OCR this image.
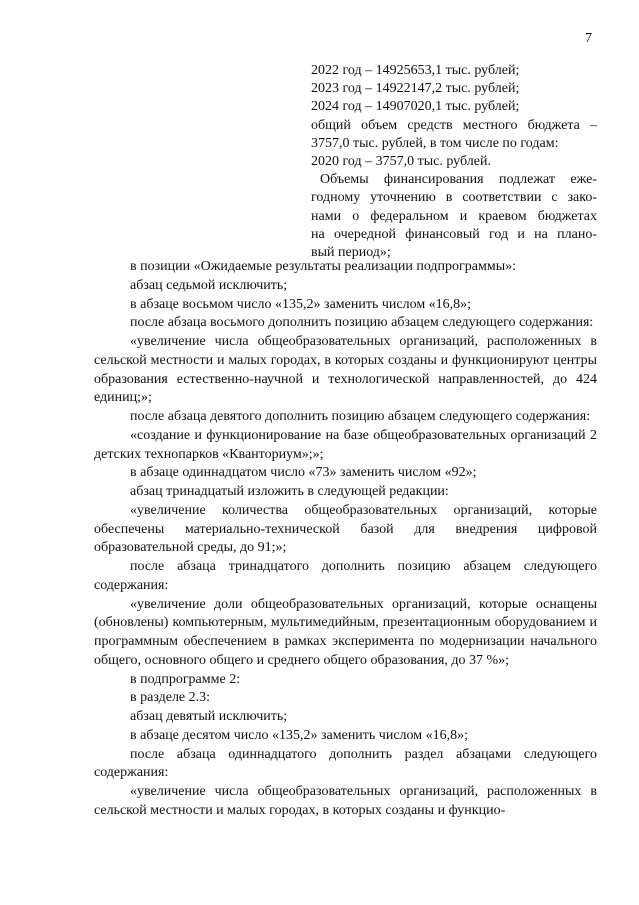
7
2022 год – 14925653,1 тыс. рублей;
2023 год – 14922147,2 тыс. рублей;
2024 год – 14907020,1 тыс. рублей;
общий объем средств местного бюджета –
3757,0 тыс. рублей, в том числе по годам:
2020 год – 3757,0 тыс. рублей.
Объемы финансирования подлежат еже-
годному уточнению в соответствии с зако-
нами о федеральном и краевом бюджетах
на очередной финансовый год и на плано-
вый период»;
в позиции «Ожидаемые результаты реализации подпрограммы»:
абзац седьмой исключить;
в абзаце восьмом число «135,2» заменить числом «16,8»;
после абзаца восьмого дополнить позицию абзацем следующего содержания:
«увеличение числа общеобразовательных организаций, расположенных в сельской местности и малых городах, в которых созданы и функционируют центры образования естественно-научной и технологической направленностей, до 424 единиц;»;
после абзаца девятого дополнить позицию абзацем следующего содержания:
«создание и функционирование на базе общеобразовательных организаций 2 детских технопарков «Кванториум»;»;
в абзаце одиннадцатом число «73» заменить числом «92»;
абзац тринадцатый изложить в следующей редакции:
«увеличение количества общеобразовательных организаций, которые обеспечены материально-технической базой для внедрения цифровой образовательной среды, до 91;»;
после абзаца тринадцатого дополнить позицию абзацем следующего содержания:
«увеличение доли общеобразовательных организаций, которые оснащены (обновлены) компьютерным, мультимедийным, презентационным оборудованием и программным обеспечением в рамках эксперимента по модернизации начального общего, основного общего и среднего общего образования, до 37 %»;
в подпрограмме 2:
в разделе 2.3:
абзац девятый исключить;
в абзаце десятом число «135,2» заменить числом «16,8»;
после абзаца одиннадцатого дополнить раздел абзацами следующего содержания:
«увеличение числа общеобразовательных организаций, расположенных в сельской местности и малых городах, в которых созданы и функцио-
